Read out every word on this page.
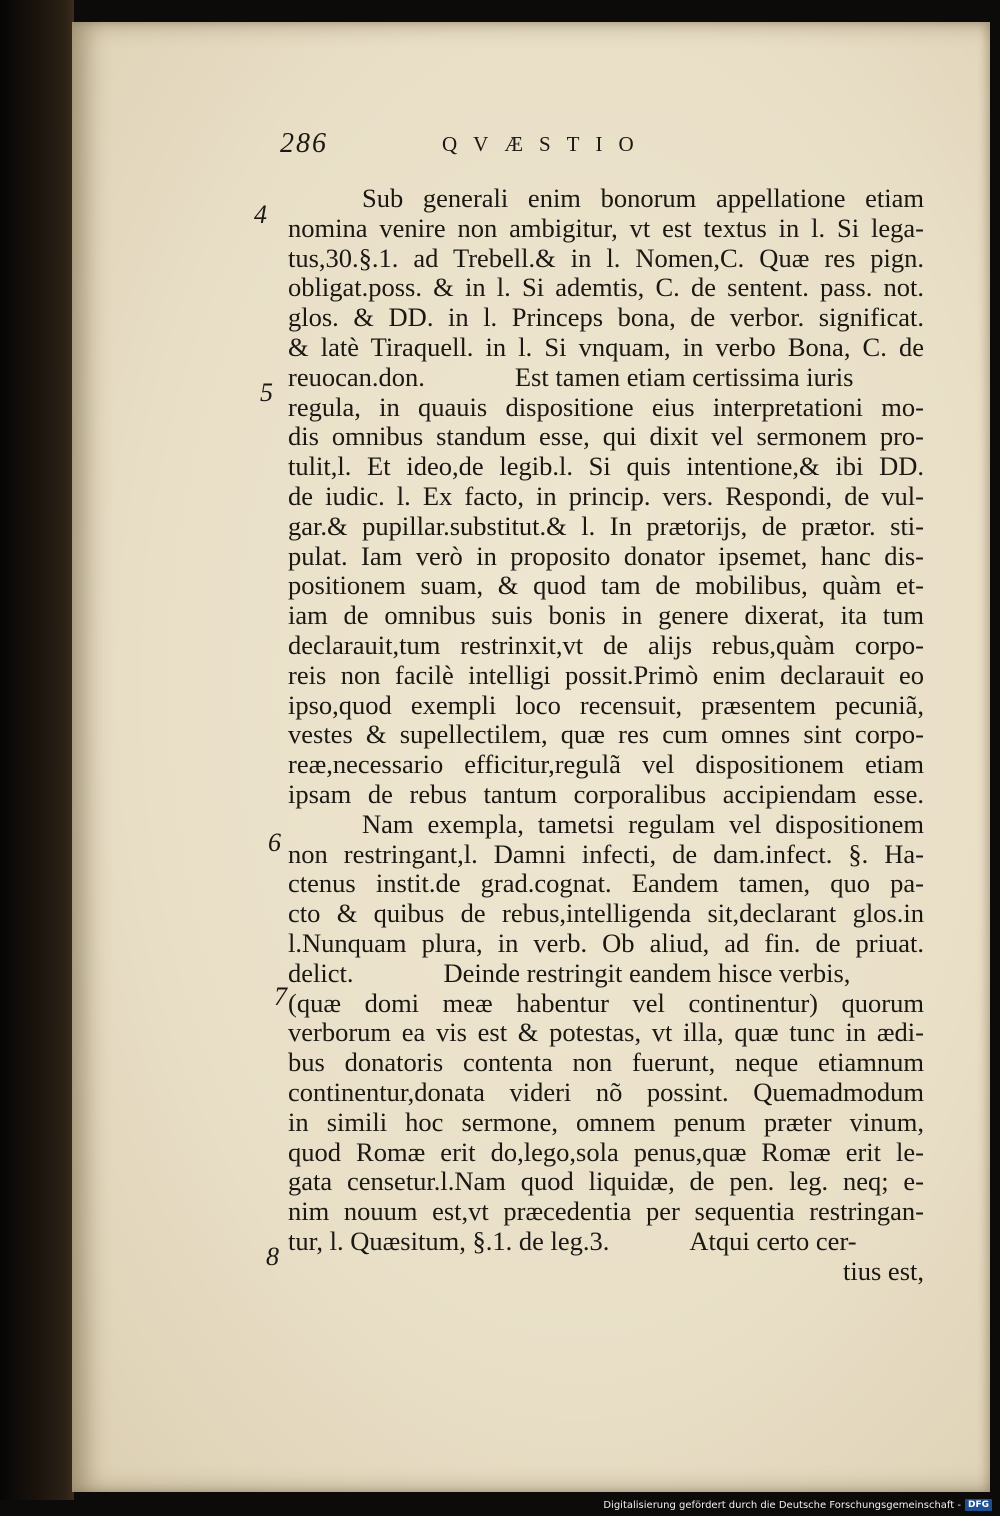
286	QVÆSTIO
4
5
6
7
8
Sub generali enim bonorum appellatione etiam
nomina venire non ambigitur, vt est textus in l. Si lega-
tus,30.§.1. ad Trebell.& in l. Nomen,C. Quæ res pign.
obligat.poss. & in l. Si ademtis, C. de sentent. pass. not.
glos. & DD. in l. Princeps bona, de verbor. significat.
& latè Tiraquell. in l. Si vnquam, in verbo Bona, C. de
reuocan.don.	Est tamen etiam certissima iuris
regula, in quauis dispositione eius interpretationi mo-
dis omnibus standum esse, qui dixit vel sermonem pro-
tulit,l. Et ideo,de legib.l. Si quis intentione,& ibi DD.
de iudic. l. Ex facto, in princip. vers. Respondi, de vul-
gar.& pupillar.substitut.& l. In prætorijs, de prætor. sti-
pulat. Iam verò in proposito donator ipsemet, hanc dis-
positionem suam, & quod tam de mobilibus, quàm et-
iam de omnibus suis bonis in genere dixerat, ita tum
declarauit,tum restrinxit,vt de alijs rebus,quàm corpo-
reis non facilè intelligi possit.Primò enim declarauit eo
ipso,quod exempli loco recensuit, præsentem pecuniã,
vestes & supellectilem, quæ res cum omnes sint corpo-
reæ,necessario efficitur,regulã vel dispositionem etiam
ipsam de rebus tantum corporalibus accipiendam esse.
Nam exempla, tametsi regulam vel dispositionem
non restringant,l. Damni infecti, de dam.infect. §. Ha-
ctenus instit.de grad.cognat. Eandem tamen, quo pa-
cto & quibus de rebus,intelligenda sit,declarant glos.in
l.Nunquam plura, in verb. Ob aliud, ad fin. de priuat.
delict.	Deinde restringit eandem hisce verbis,
(quæ domi meæ habentur vel continentur) quorum
verborum ea vis est & potestas, vt illa, quæ tunc in ædi-
bus donatoris contenta non fuerunt, neque etiamnum
continentur,donata videri nõ possint. Quemadmodum
in simili hoc sermone, omnem penum præter vinum,
quod Romæ erit do,lego,sola penus,quæ Romæ erit le-
gata censetur.l.Nam quod liquidæ, de pen. leg. neq; e-
nim nouum est,vt præcedentia per sequentia restringan-
tur, l. Quæsitum, §.1. de leg.3.	Atqui certo cer-
tius est,
Digitalisierung gefördert durch die Deutsche Forschungsgemeinschaft - DFG
